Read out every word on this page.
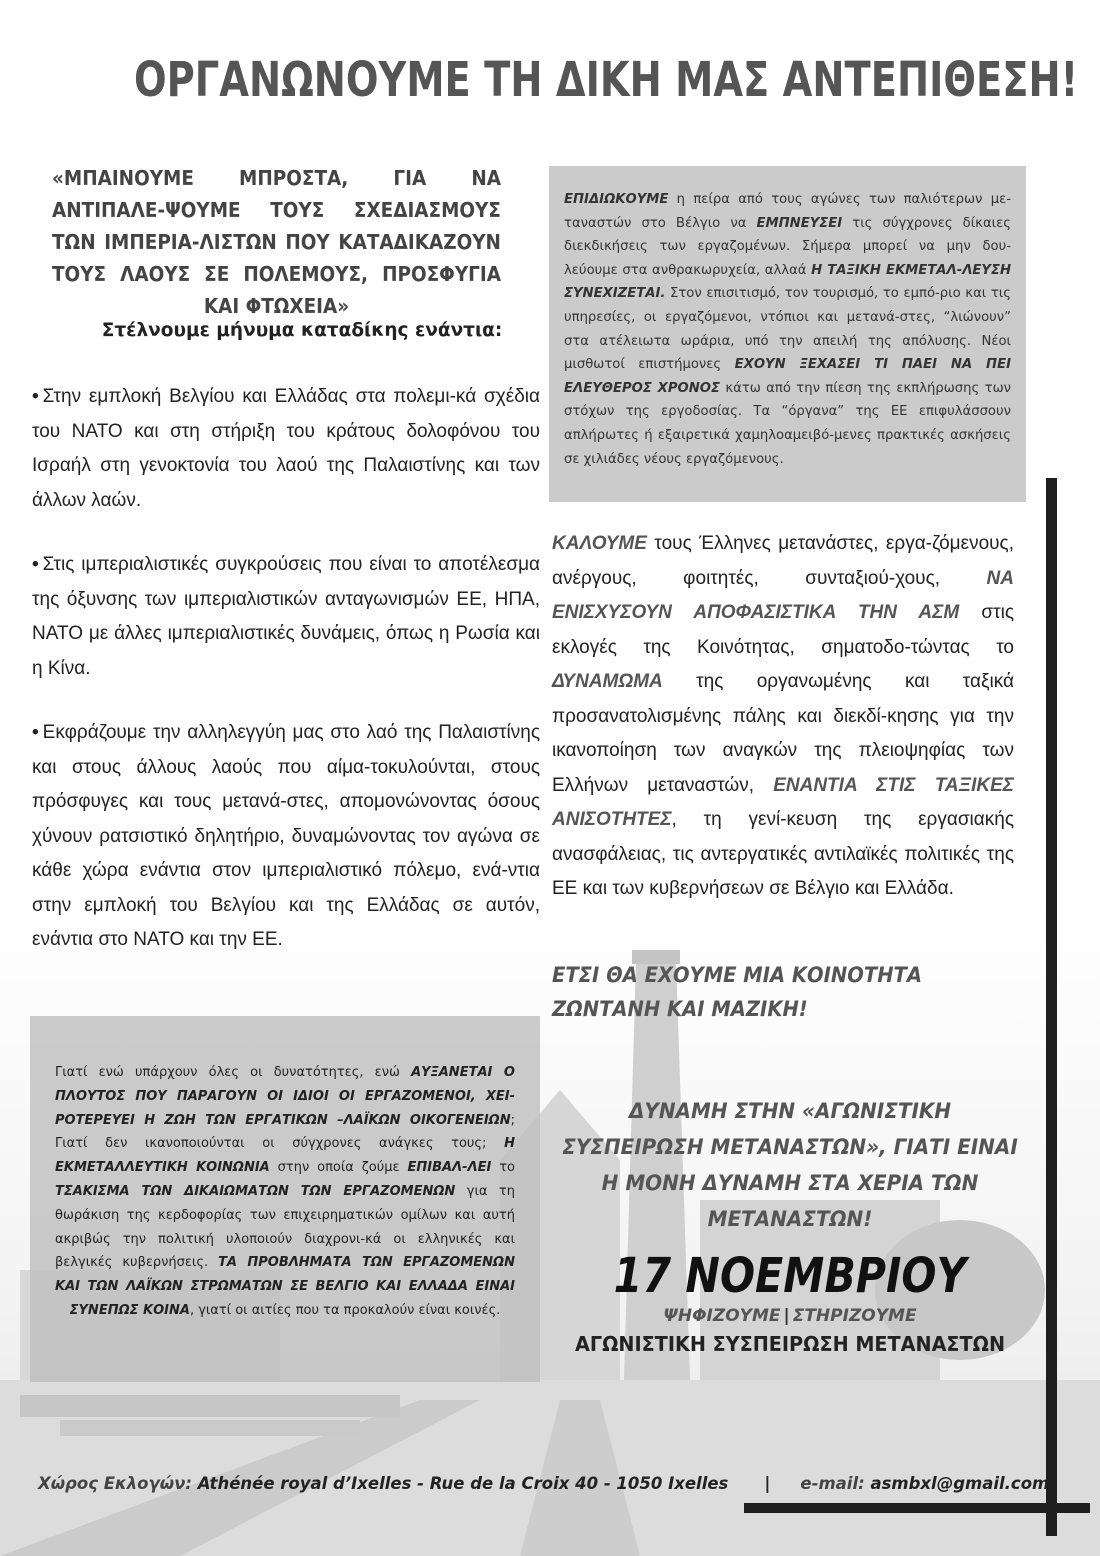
ΟΡΓΑΝΩΝΟΥΜΕ ΤΗ ΔΙΚΗ ΜΑΣ ΑΝΤΕΠΙΘΕΣΗ!

«ΜΠΑΙΝΟΥΜΕ ΜΠΡΟΣΤΑ, ΓΙΑ ΝΑ ΑΝΤΙΠΑΛΕ-ΨΟΥΜΕ ΤΟΥΣ ΣΧΕΔΙΑΣΜΟΥΣ ΤΩΝ ΙΜΠΕΡΙΑ-ΛΙΣΤΩΝ ΠΟΥ ΚΑΤΑΔΙΚΑΖΟΥΝ ΤΟΥΣ ΛΑΟΥΣ ΣΕ ΠΟΛΕΜΟΥΣ, ΠΡΟΣΦΥΓΙΑ ΚΑΙ ΦΤΩΧΕΙΑ»

Στέλνουμε μήνυμα καταδίκης ενάντια:

• Στην εμπλοκή Βελγίου και Ελλάδας στα πολεμι-κά σχέδια του ΝΑΤΟ και στη στήριξη του κράτους δολοφόνου του Ισραήλ στη γενοκτονία του λαού της Παλαιστίνης και των άλλων λαών.

• Στις ιμπεριαλιστικές συγκρούσεις που είναι το αποτέλεσμα της όξυνσης των ιμπεριαλιστικών ανταγωνισμών ΕΕ, ΗΠΑ, ΝΑΤΟ με άλλες ιμπεριαλιστικές δυνάμεις, όπως η Ρωσία και η Κίνα.

• Εκφράζουμε την αλληλεγγύη μας στο λαό της Παλαιστίνης και στους άλλους λαούς που αίμα-τοκυλούνται, στους πρόσφυγες και τους μετανά-στες, απομονώνοντας όσους χύνουν ρατσιστικό δηλητήριο, δυναμώνοντας τον αγώνα σε κάθε χώρα ενάντια στον ιμπεριαλιστικό πόλεμο, ενά-ντια στην εμπλοκή του Βελγίου και της Ελλάδας σε αυτόν, ενάντια στο ΝΑΤΟ και την ΕΕ.

ΕΠΙΔΙΩΚΟΥΜΕ η πείρα από τους αγώνες των παλιότερων με-ταναστών στο Βέλγιο να ΕΜΠΝΕΥΣΕΙ τις σύγχρονες δίκαιες διεκδικήσεις των εργαζομένων. Σήμερα μπορεί να μην δου-λεύουμε στα ανθρακωρυχεία, αλλαά Η ΤΑΞΙΚΗ ΕΚΜΕΤΑΛ-ΛΕΥΣΗ ΣΥΝΕΧΙΖΕΤΑΙ. Στον επισιτισμό, τον τουρισμό, το εμπό-ριο και τις υπηρεσίες, οι εργαζόμενοι, ντόπιοι και μετανά-στες, “λιώνουν” στα ατέλειωτα ωράρια, υπό την απειλή της απόλυσης. Νέοι μισθωτοί επιστήμονες ΕΧΟΥΝ ΞΕΧΑΣΕΙ ΤΙ ΠΑΕΙ ΝΑ ΠΕΙ ΕΛΕΥΘΕΡΟΣ ΧΡΟΝΟΣ κάτω από την πίεση της εκπλήρωσης των στόχων της εργοδοσίας. Τα “όργανα” της ΕΕ επιφυλάσσουν απλήρωτες ή εξαιρετικά χαμηλοαμειβό-μενες πρακτικές ασκήσεις σε χιλιάδες νέους εργαζόμενους.

ΚΑΛΟΥΜΕ τους Έλληνες μετανάστες, εργα-ζόμενους, ανέργους, φοιτητές, συνταξιού-χους, ΝΑ ΕΝΙΣΧΥΣΟΥΝ ΑΠΟΦΑΣΙΣΤΙΚΑ ΤΗΝ ΑΣΜ στις εκλογές της Κοινότητας, σηματοδο-τώντας το ΔΥΝΑΜΩΜΑ της οργανωμένης και ταξικά προσανατολισμένης πάλης και διεκδί-κησης για την ικανοποίηση των αναγκών της πλειοψηφίας των Ελλήνων μεταναστών, ΕΝΑΝΤΙΑ ΣΤΙΣ ΤΑΞΙΚΕΣ ΑΝΙΣΟΤΗΤΕΣ, τη γενί-κευση της εργασιακής ανασφάλειας, τις αντεργατικές αντιλαϊκές πολιτικές της ΕΕ και των κυβερνήσεων σε Βέλγιο και Ελλάδα.

ΕΤΣΙ ΘΑ ΕΧΟΥΜΕ ΜΙΑ ΚΟΙΝΟΤΗΤΑ ΖΩΝΤΑΝΗ ΚΑΙ ΜΑΖΙΚΗ!

Γιατί ενώ υπάρχουν όλες οι δυνατότητες, ενώ ΑΥΞΑΝΕΤΑΙ Ο ΠΛΟΥΤΟΣ ΠΟΥ ΠΑΡΑΓΟΥΝ ΟΙ ΙΔΙΟΙ ΟΙ ΕΡΓΑΖΟΜΕΝΟΙ, ΧΕΙ-ΡΟΤΕΡΕΥΕΙ Η ΖΩΗ ΤΩΝ ΕΡΓΑΤΙΚΩΝ –ΛΑΪΚΩΝ ΟΙΚΟΓΕΝΕΙΩΝ; Γιατί δεν ικανοποιούνται οι σύγχρονες ανάγκες τους; Η ΕΚΜΕΤΑΛΛΕΥΤΙΚΗ ΚΟΙΝΩΝΙΑ στην οποία ζούμε ΕΠΙΒΑΛ-ΛΕΙ το ΤΣΑΚΙΣΜΑ ΤΩΝ ΔΙΚΑΙΩΜΑΤΩΝ ΤΩΝ ΕΡΓΑΖΟΜΕΝΩΝ για τη θωράκιση της κερδοφορίας των επιχειρηματικών ομίλων και αυτή ακριβώς την πολιτική υλοποιούν διαχρονι-κά οι ελληνικές και βελγικές κυβερνήσεις. ΤΑ ΠΡΟΒΛΗΜΑΤΑ ΤΩΝ ΕΡΓΑΖΟΜΕΝΩΝ ΚΑΙ ΤΩΝ ΛΑΪΚΩΝ ΣΤΡΩΜΑΤΩΝ ΣΕ ΒΕΛΓΙΟ ΚΑΙ ΕΛΛΑΔΑ ΕΙΝΑΙ ΣΥΝΕΠΩΣ ΚΟΙΝΑ, γιατί οι αιτίες που τα προκαλούν είναι κοινές.

ΔΥΝΑΜΗ ΣΤΗΝ «ΑΓΩΝΙΣΤΙΚΗ ΣΥΣΠΕΙΡΩΣΗ ΜΕΤΑΝΑΣΤΩΝ», ΓΙΑΤΙ ΕΙΝΑΙ Η ΜΟΝΗ ΔΥΝΑΜΗ ΣΤΑ ΧΕΡΙΑ ΤΩΝ ΜΕΤΑΝΑΣΤΩΝ!

17 ΝΟΕΜΒΡΙΟΥ

ΨΗΦΙΖΟΥΜΕ | ΣΤΗΡΙΖΟΥΜΕ

ΑΓΩΝΙΣΤΙΚΗ ΣΥΣΠΕΙΡΩΣΗ ΜΕΤΑΝΑΣΤΩΝ

Χώρος Εκλογών: Athénée royal d’Ixelles - Rue de la Croix 40 - 1050 Ixelles | e-mail: asmbxl@gmail.com
